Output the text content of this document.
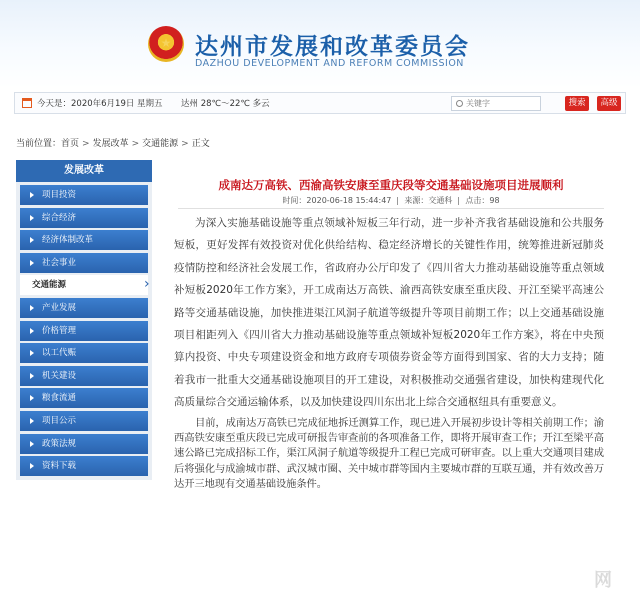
★	达州市发展和改革委员会
DAZHOU DEVELOPMENT AND REFORM COMMISSION
今天是：2020年6月19日 星期五 达州 28℃～22℃ 多云
关键字	搜索	高级
当前位置：首页 > 发展改革 > 交通能源 > 正文
发展改革
项目投资
综合经济
经济体制改革
社会事业
交通能源
产业发展
价格管理
以工代赈
机关建设
粮食流通
项目公示
政策法规
资料下载
›
成南达万高铁、西渝高铁安康至重庆段等交通基础设施项目进展顺利
时间：2020-06-18 15:44:47 来源：交通科 点击：98

为深入实施基础设施等重点领域补短板三年行动，进一步补齐我省基础设施和公共服务短板，更好发挥有效投资对优化供给结构、稳定经济增长的关键性作用，统筹推进新冠肺炎疫情防控和经济社会发展工作，省政府办公厅印发了《四川省大力推动基础设施等重点领域补短板2020年工作方案》，开工成南达万高铁、渝西高铁安康至重庆段、开江至梁平高速公路等交通基础设施，加快推进渠江风洞子航道等级提升等项目前期工作；以上交通基础设施项目相距列入《四川省大力推动基础设施等重点领域补短板2020年工作方案》，将在中央预算内投资、中央专项建设资金和地方政府专项债券资金等方面得到国家、省的大力支持；随着我市一批重大交通基础设施项目的开工建设，对积极推动交通强省建设，加快构建现代化高质量综合交通运输体系，以及加快建设四川东出北上综合交通枢纽具有重要意义。

目前，成南达万高铁已完成征地拆迁测算工作，现已进入开展初步设计等相关前期工作；渝西高铁安康至重庆段已完成可研报告审查前的各项准备工作，即将开展审查工作；开江至梁平高速公路已完成招标工作，渠江风洞子航道等级提升工程已完成可研审查。以上重大交通项目建成后将强化与成渝城市群、武汉城市圈、关中城市群等国内主要城市群的互联互通，并有效改善万达开三地现有交通基础设施条件。

网
